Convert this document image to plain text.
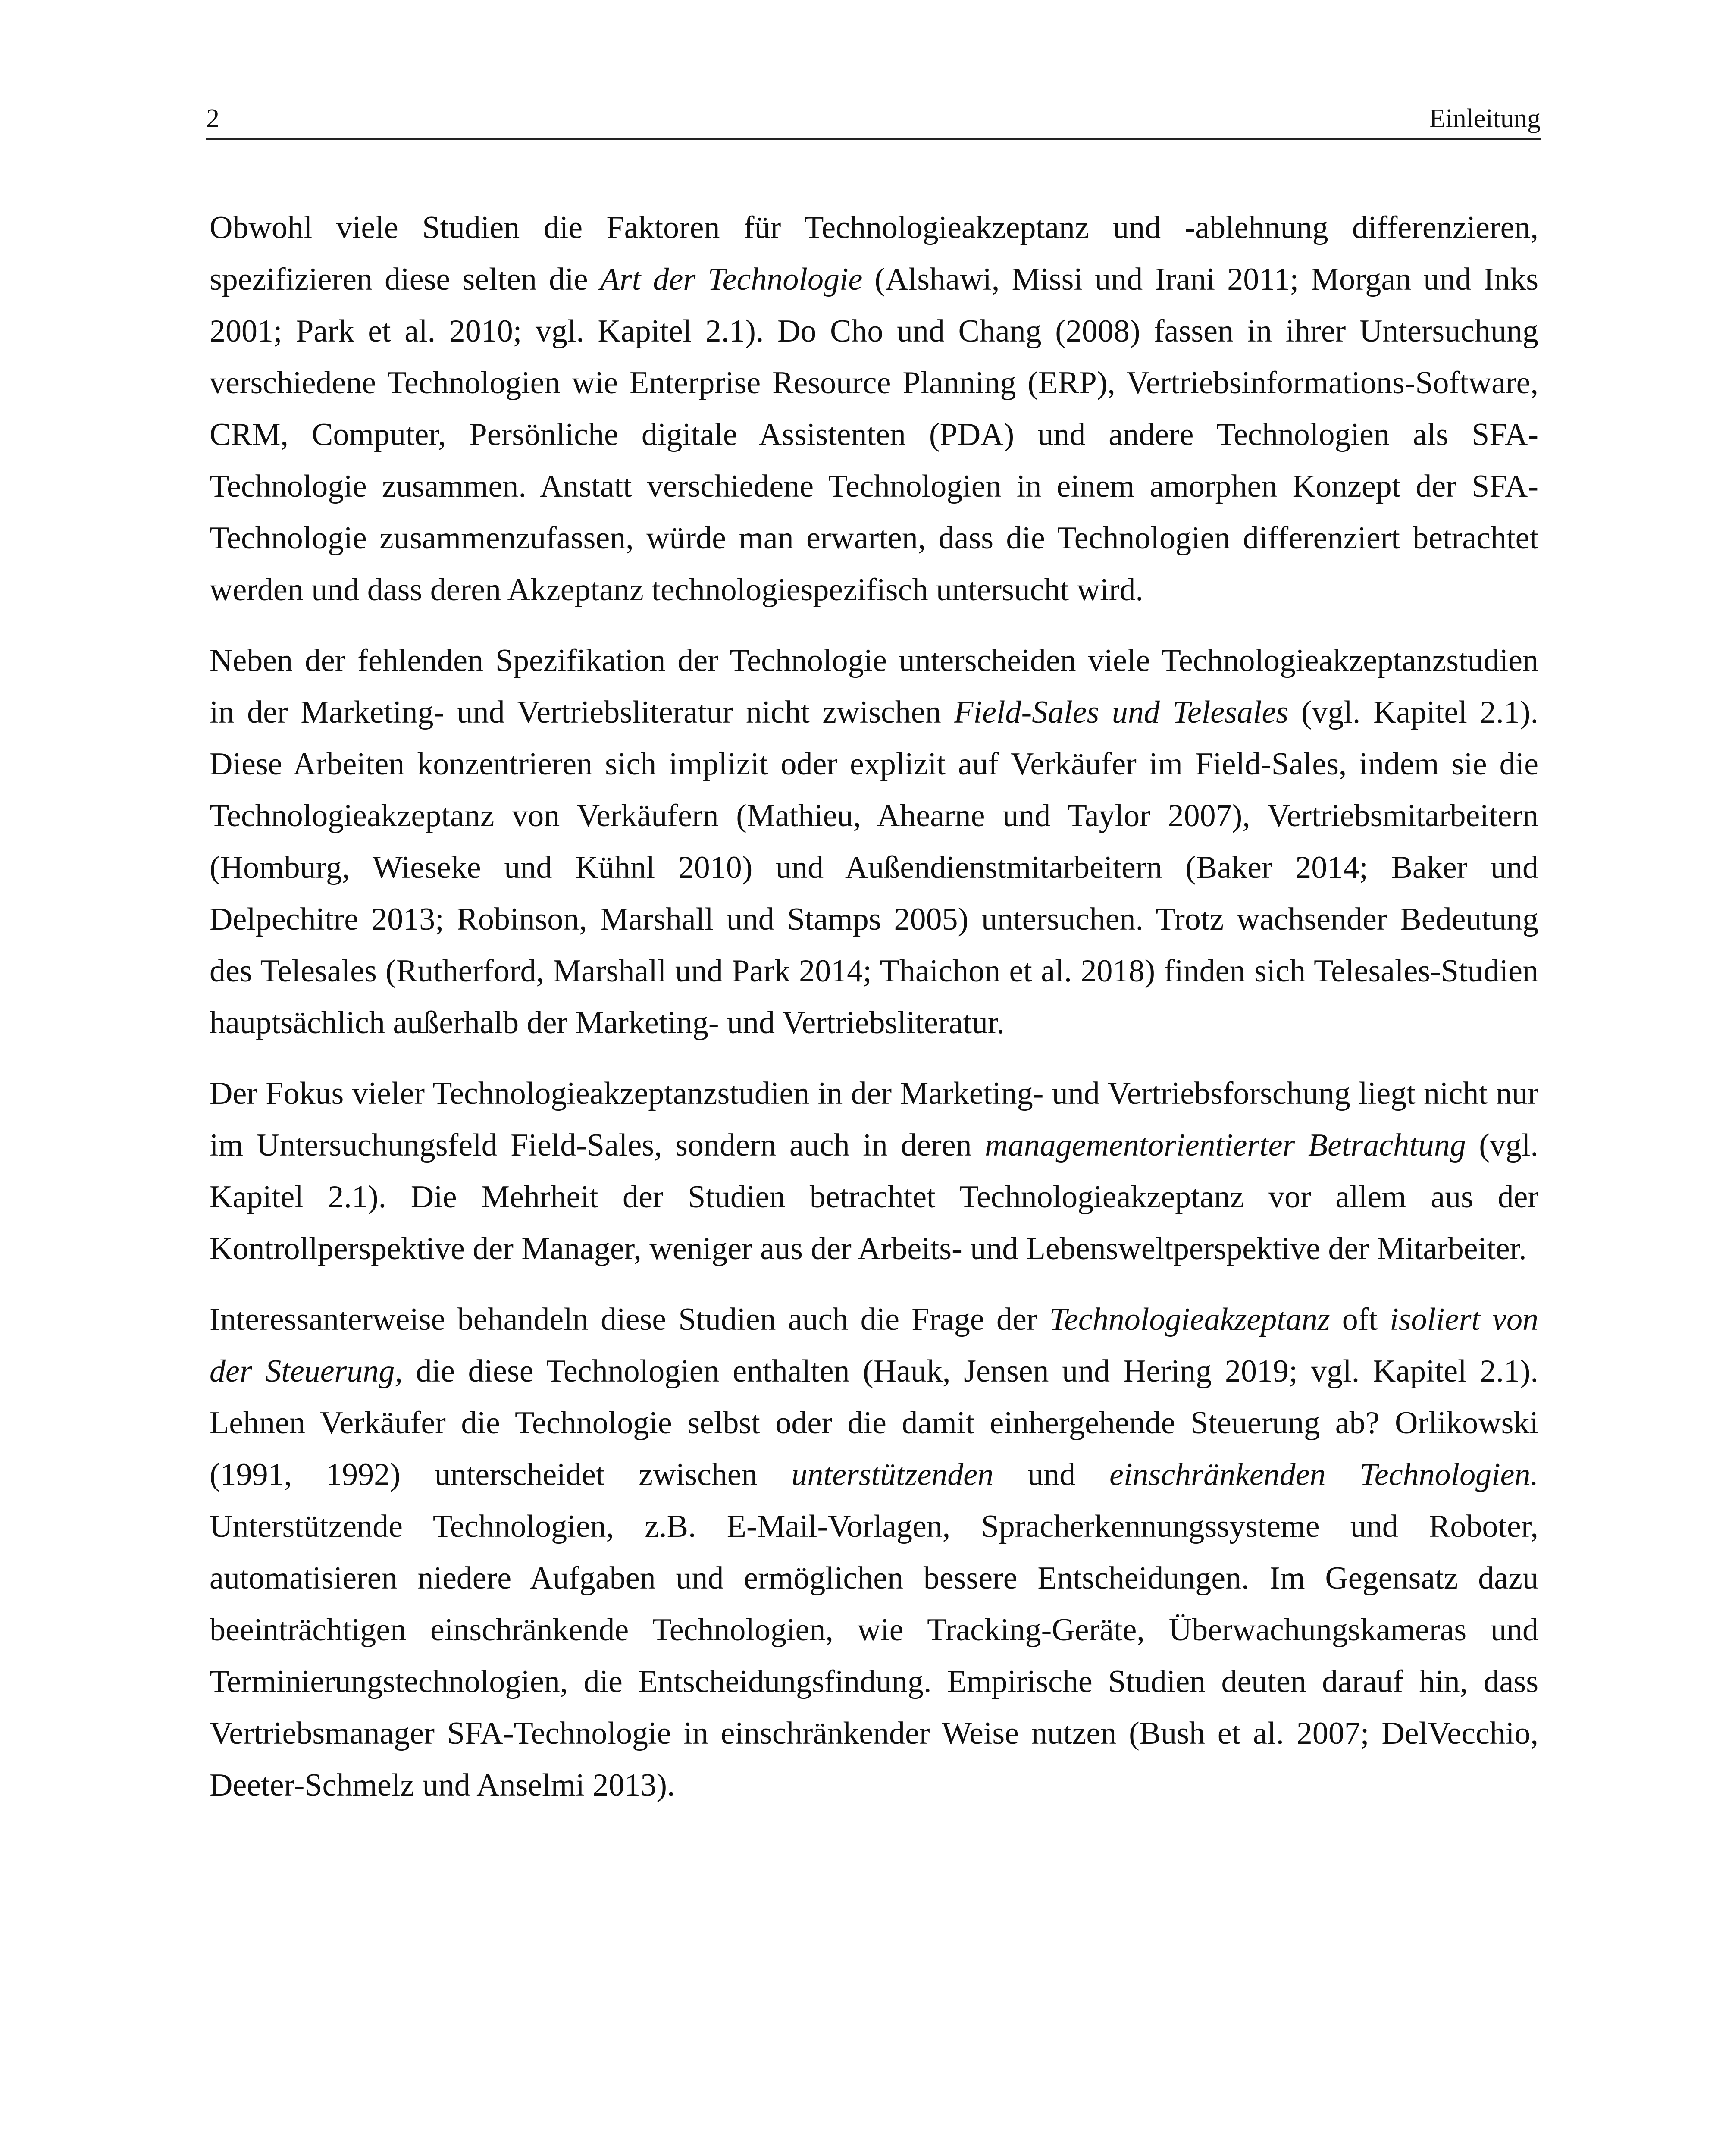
2	Einleitung

Obwohl viele Studien die Faktoren für Technologieakzeptanz und -ablehnung differenzieren, spezifizieren diese selten die Art der Technologie (Alshawi, Missi und Irani 2011; Morgan und Inks 2001; Park et al. 2010; vgl. Kapitel 2.1). Do Cho und Chang (2008) fassen in ihrer Untersuchung verschiedene Technologien wie Enterprise Resource Planning (ERP), Vertriebsinformations-Software, CRM, Computer, Persönliche digitale Assistenten (PDA) und andere Technologien als SFA-Technologie zusammen. Anstatt verschiedene Technologien in einem amorphen Konzept der SFA-Technologie zusammenzufassen, würde man erwarten, dass die Technologien differenziert betrachtet werden und dass deren Akzeptanz technologiespezifisch untersucht wird.

Neben der fehlenden Spezifikation der Technologie unterscheiden viele Technologieakzeptanzstudien in der Marketing- und Vertriebsliteratur nicht zwischen Field-Sales und Telesales (vgl. Kapitel 2.1). Diese Arbeiten konzentrieren sich implizit oder explizit auf Verkäufer im Field-Sales, indem sie die Technologieakzeptanz von Verkäufern (Mathieu, Ahearne und Taylor 2007), Vertriebsmitarbeitern (Homburg, Wieseke und Kühnl 2010) und Außendienstmitarbeitern (Baker 2014; Baker und Delpechitre 2013; Robinson, Marshall und Stamps 2005) untersuchen. Trotz wachsender Bedeutung des Telesales (Rutherford, Marshall und Park 2014; Thaichon et al. 2018) finden sich Telesales-Studien hauptsächlich außerhalb der Marketing- und Vertriebsliteratur.

Der Fokus vieler Technologieakzeptanzstudien in der Marketing- und Vertriebsforschung liegt nicht nur im Untersuchungsfeld Field-Sales, sondern auch in deren managementorientierter Betrachtung (vgl. Kapitel 2.1). Die Mehrheit der Studien betrachtet Technologieakzeptanz vor allem aus der Kontrollperspektive der Manager, weniger aus der Arbeits- und Lebensweltperspektive der Mitarbeiter.

Interessanterweise behandeln diese Studien auch die Frage der Technologieakzeptanz oft isoliert von der Steuerung, die diese Technologien enthalten (Hauk, Jensen und Hering 2019; vgl. Kapitel 2.1). Lehnen Verkäufer die Technologie selbst oder die damit einhergehende Steuerung ab? Orlikowski (1991, 1992) unterscheidet zwischen unterstützenden und einschränkenden Technologien. Unterstützende Technologien, z.B. E-Mail-Vorlagen, Spracherkennungssysteme und Roboter, automatisieren niedere Aufgaben und ermöglichen bessere Entscheidungen. Im Gegensatz dazu beeinträchtigen einschränkende Technologien, wie Tracking-Geräte, Überwachungskameras und Terminierungstechnologien, die Entscheidungsfindung. Empirische Studien deuten darauf hin, dass Vertriebsmanager SFA-Technologie in einschränkender Weise nutzen (Bush et al. 2007; DelVecchio, Deeter-Schmelz und Anselmi 2013).
